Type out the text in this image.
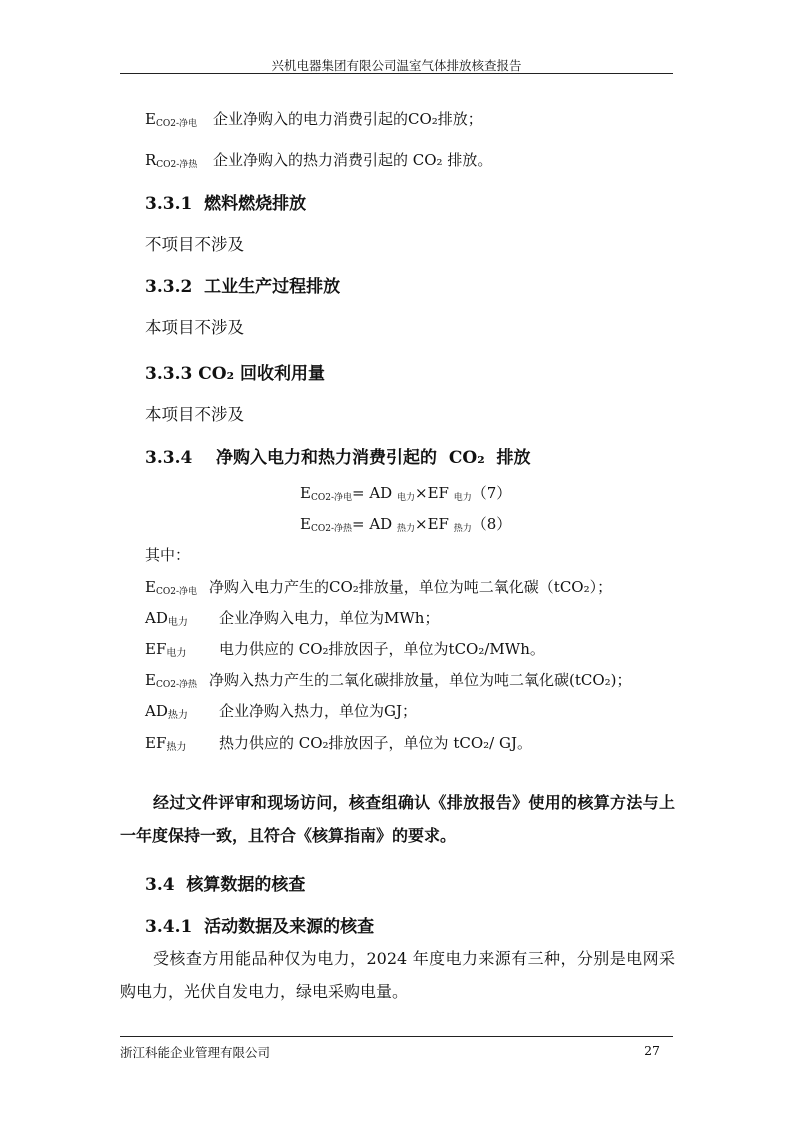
兴机电器集团有限公司温室气体排放核查报告
$E_{CO2-净电}$ 企业净购入的电力消费引起的CO₂排放；
$R_{CO2-净热}$ 企业净购入的热力消费引起的 CO₂ 排放。
3.3.1 燃料燃烧排放
不项目不涉及
3.3.2 工业生产过程排放
本项目不涉及
3.3.3 CO₂ 回收利用量
本项目不涉及
3.3.4 净购入电力和热力消费引起的  CO₂  排放
$E_{CO2-净电}=$ AD $_{电力}$×EF $_{电力}$（7）
$E_{CO2-净热}=$ AD $_{热力}$×EF $_{热力}$（8）
其中：
$E_{CO2-净电}$ 净购入电力产生的CO₂排放量，单位为吨二氧化碳（tCO₂）；
AD电力 企业净购入电力，单位为MWh；
EF电力 电力供应的 CO₂排放因子，单位为tCO₂/MWh。
$E_{CO2-净热}$ 净购入热力产生的二氧化碳排放量，单位为吨二氧化碳(tCO₂)；
AD热力 企业净购入热力，单位为GJ；
EF热力 热力供应的 CO₂排放因子，单位为 tCO₂/ GJ。
经过文件评审和现场访问，核查组确认《排放报告》使用的核算方法与上一年度保持一致，且符合《核算指南》的要求。
3.4 核算数据的核查
3.4.1 活动数据及来源的核查
受核查方用能品种仅为电力，2024 年度电力来源有三种，分别是电网采购电力，光伏自发电力，绿电采购电量。
浙江科能企业管理有限公司	27
